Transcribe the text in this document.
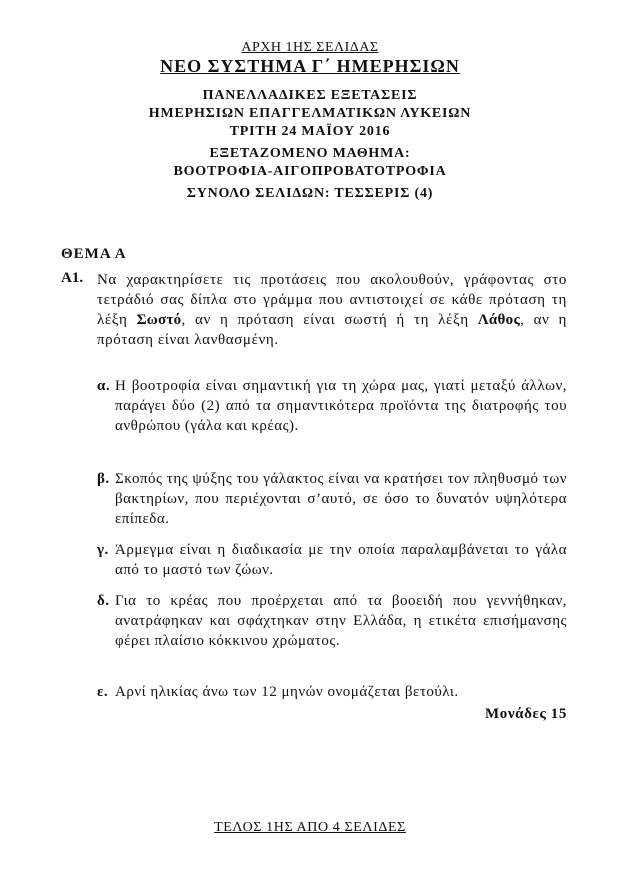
ΑΡΧΗ 1ΗΣ ΣΕΛΙΔΑΣ
ΝΕΟ ΣΥΣΤΗΜΑ Γ΄ ΗΜΕΡΗΣΙΩΝ
ΠΑΝΕΛΛΑΔΙΚΕΣ ΕΞΕΤΑΣΕΙΣ
ΗΜΕΡΗΣΙΩΝ ΕΠΑΓΓΕΛΜΑΤΙΚΩΝ ΛΥΚΕΙΩΝ
ΤΡΙΤΗ 24 ΜΑΪΟΥ 2016
ΕΞΕΤΑΖΟΜΕΝΟ ΜΑΘΗΜΑ:
ΒΟΟΤΡΟΦΙΑ-ΑΙΓΟΠΡΟΒΑΤΟΤΡΟΦΙΑ
ΣΥΝΟΛΟ ΣΕΛΙΔΩΝ: ΤΕΣΣΕΡΙΣ (4)
ΘΕΜΑ Α
Α1. Να χαρακτηρίσετε τις προτάσεις που ακολουθούν, γράφοντας στο τετράδιό σας δίπλα στο γράμμα που αντιστοιχεί σε κάθε πρόταση τη λέξη Σωστό, αν η πρόταση είναι σωστή ή τη λέξη Λάθος, αν η πρόταση είναι λανθασμένη.
α. Η βοοτροφία είναι σημαντική για τη χώρα μας, γιατί μεταξύ άλλων, παράγει δύο (2) από τα σημαντικότερα προϊόντα της διατροφής του ανθρώπου (γάλα και κρέας).
β. Σκοπός της ψύξης του γάλακτος είναι να κρατήσει τον πληθυσμό των βακτηρίων, που περιέχονται σ’αυτό, σε όσο το δυνατόν υψηλότερα επίπεδα.
γ. Άρμεγμα είναι η διαδικασία με την οποία παραλαμβάνεται το γάλα από το μαστό των ζώων.
δ. Για το κρέας που προέρχεται από τα βοοειδή που γεννήθηκαν, ανατράφηκαν και σφάχτηκαν στην Ελλάδα, η ετικέτα επισήμανσης φέρει πλαίσιο κόκκινου χρώματος.
ε. Αρνί ηλικίας άνω των 12 μηνών ονομάζεται βετούλι.
Μονάδες 15
ΤΕΛΟΣ 1ΗΣ ΑΠΟ 4 ΣΕΛΙΔΕΣ
